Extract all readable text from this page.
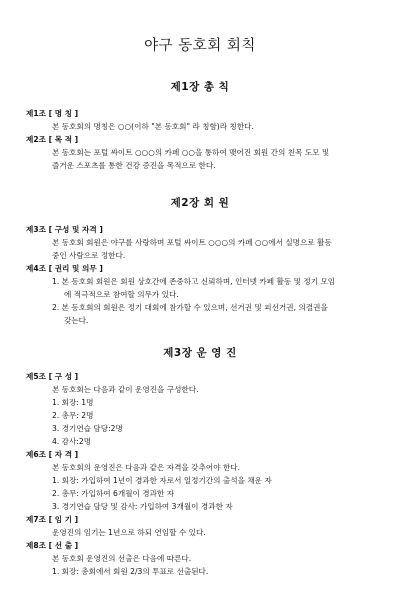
야구 동호회 회칙
제1장 총 칙
제1조 [ 명 칭 ]
본 동호회의 명칭은 ○○(이하 "본 동호회" 라 칭함)라 칭한다.
제2조 [ 목 적 ]
본 동호회는 포털 싸이트 ○○○의 카페 ○○을 통하여 맺어진 회원 간의 친목 도모 및
즐거운 스포츠를 통한 건강 증진을 목적으로 한다.
제2장 회 원
제3조 [ 구성 및 자격 ]
본 동호회 회원은 야구를 사랑하며 포털 싸이트 ○○○의 카페 ○○에서 실명으로 활동
중인 사람으로 정한다.
제4조 [ 권리 및 의무 ]
1. 본 동호회 회원은 회원 상호간에 존중하고 신뢰하며, 인터넷 카페 활동 및 정기 모임
에 적극적으로 참여할 의무가 있다.
2. 본 동호회의 회원은 정기 대회에 참가할 수 있으며, 선거권 및 피선거권, 의결권을
갖는다.
제3장 운 영 진
제5조 [ 구 성 ]
본 동호회는 다음과 같이 운영진을 구성한다.
1. 회장: 1명
2. 총무: 2명
3. 경기연습 담당:2명
4. 감사:2명
제6조 [ 자 격 ]
본 동호회의 운영진은 다음과 같은 자격을 갖추어야 한다.
1. 회장: 가입하여 1년이 경과한 자로서 일정기간의 출석을 채운 자
2. 총무: 가입하여 6개월이 경과한 자
3. 경기연습 담당 및 감사: 가입하여 3개월이 경과한 자
제7조 [ 임 기 ]
운영진의 임기는 1년으로 하되 연임할 수 있다.
제8조 [ 선 출 ]
본 동호회 운영진의 선출은 다음에 따른다.
1. 회장: 총회에서 회원 2/3의 투표로 선출된다.
